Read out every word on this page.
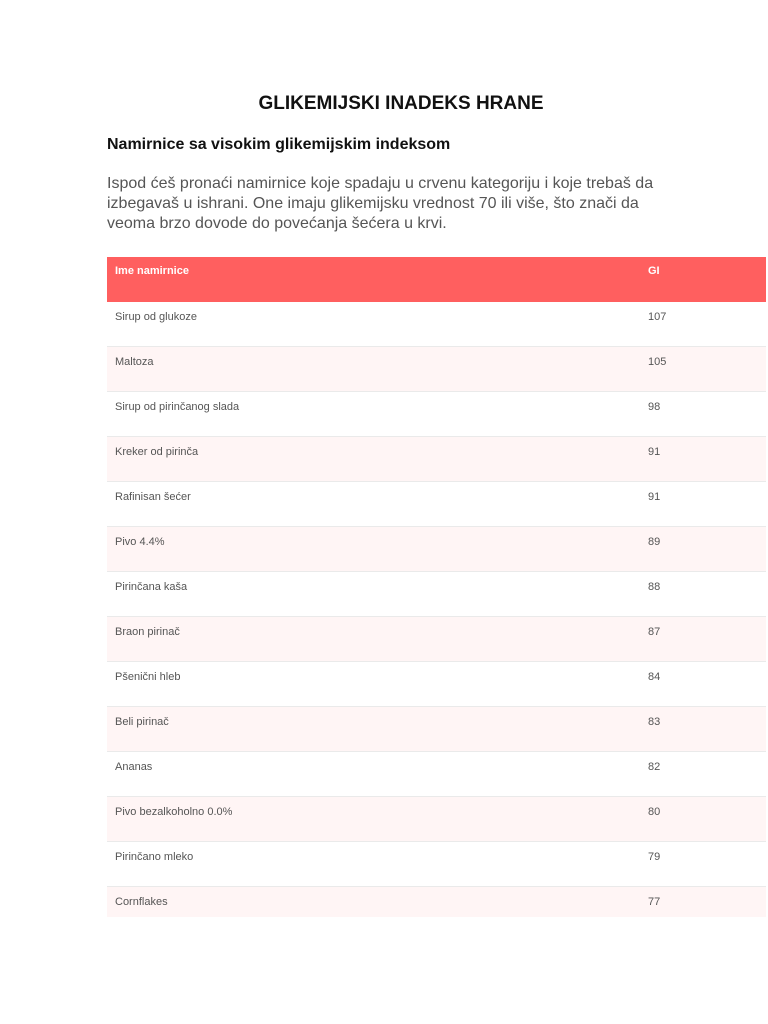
GLIKEMIJSKI INADEKS HRANE
Namirnice sa visokim glikemijskim indeksom

Ispod ćeš pronaći namirnice koje spadaju u crvenu kategoriju i koje trebaš da izbegavaš u ishrani. One imaju glikemijsku vrednost 70 ili više, što znači da veoma brzo dovode do povećanja šećera u krvi.

Ime namirnice	GI
Sirup od glukoze	107
Maltoza	105
Sirup od pirinčanog slada	98
Kreker od pirinča	91
Rafinisan šećer	91
Pivo 4.4%	89
Pirinčana kaša	88
Braon pirinač	87
Pšenični hleb	84
Beli pirinač	83
Ananas	82
Pivo bezalkoholno 0.0%	80
Pirinčano mleko	79
Cornflakes	77
